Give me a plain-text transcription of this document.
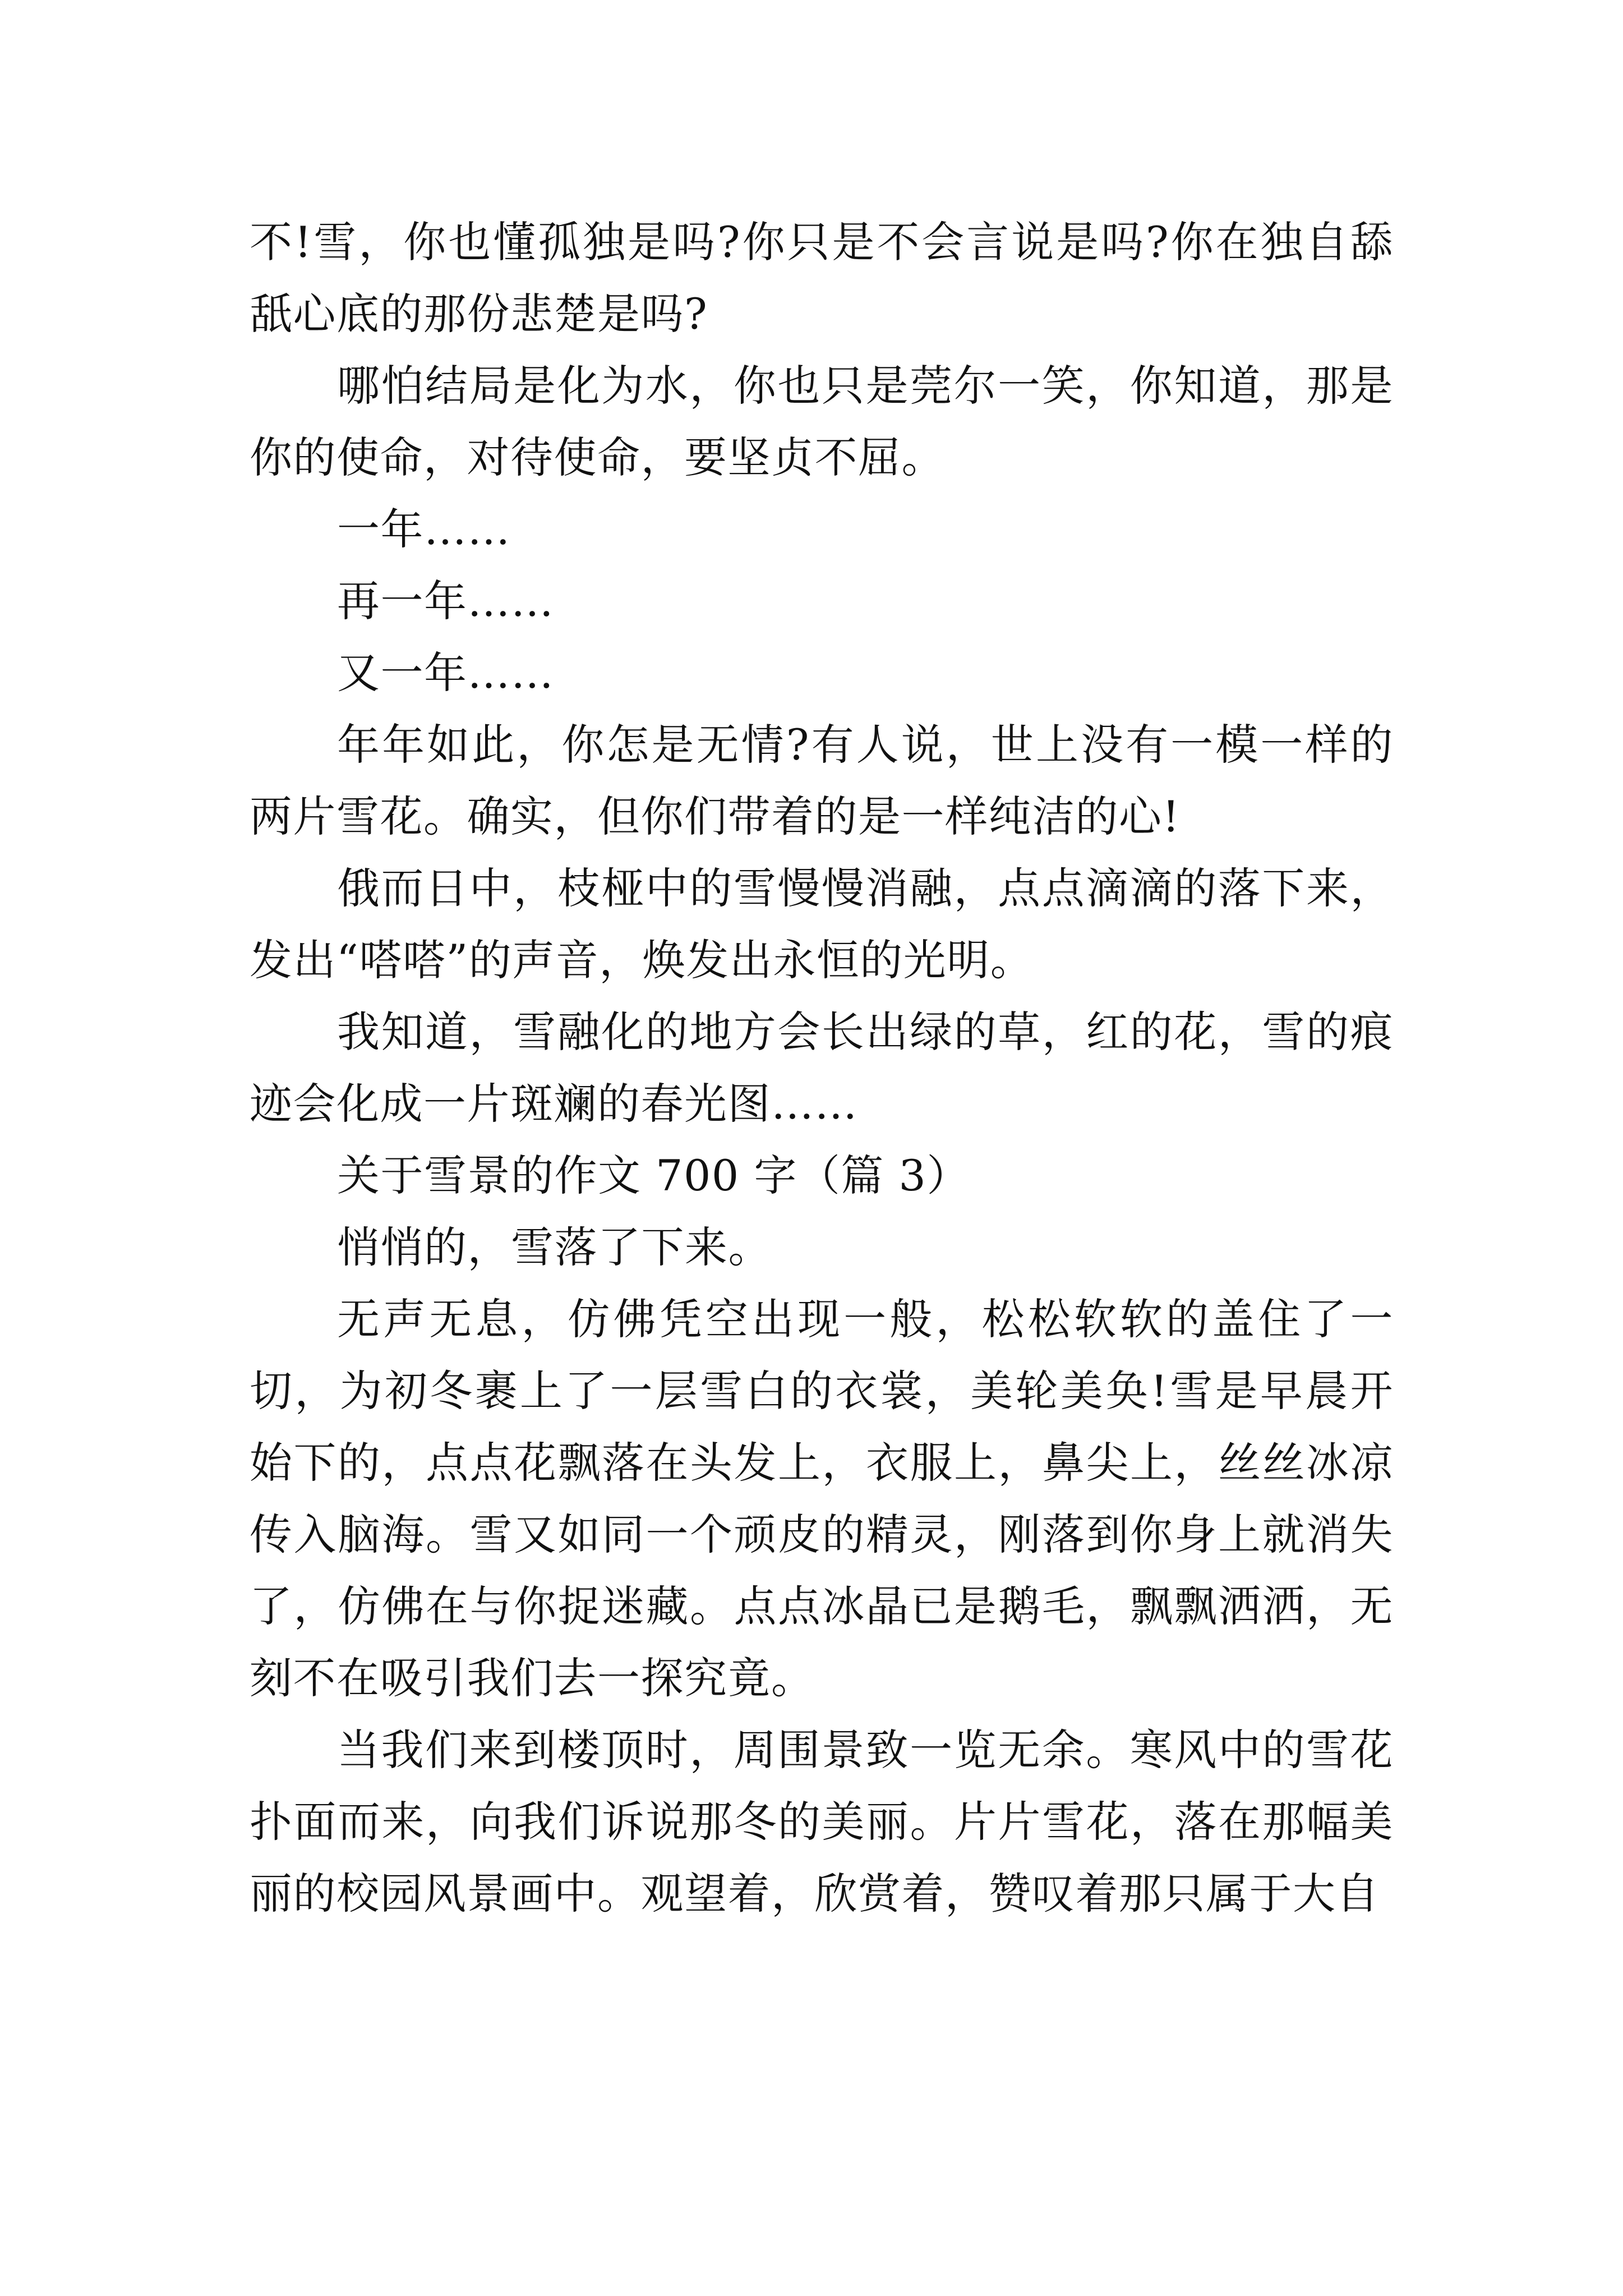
不!雪，你也懂孤独是吗?你只是不会言说是吗?你在独自舔舐心底的那份悲楚是吗?

哪怕结局是化为水，你也只是莞尔一笑，你知道，那是你的使命，对待使命，要坚贞不屈。

一年……

再一年……

又一年……

年年如此，你怎是无情?有人说，世上没有一模一样的两片雪花。确实，但你们带着的是一样纯洁的心!

俄而日中，枝桠中的雪慢慢消融，点点滴滴的落下来，发出“嗒嗒”的声音，焕发出永恒的光明。

我知道，雪融化的地方会长出绿的草，红的花，雪的痕迹会化成一片斑斓的春光图……

关于雪景的作文 700 字（篇 3）

悄悄的，雪落了下来。

无声无息，仿佛凭空出现一般，松松软软的盖住了一切，为初冬裹上了一层雪白的衣裳，美轮美奂!雪是早晨开始下的，点点花飘落在头发上，衣服上，鼻尖上，丝丝冰凉传入脑海。雪又如同一个顽皮的精灵，刚落到你身上就消失了，仿佛在与你捉迷藏。点点冰晶已是鹅毛，飘飘洒洒，无刻不在吸引我们去一探究竟。

当我们来到楼顶时，周围景致一览无余。寒风中的雪花扑面而来，向我们诉说那冬的美丽。片片雪花，落在那幅美丽的校园风景画中。观望着，欣赏着，赞叹着那只属于大自
